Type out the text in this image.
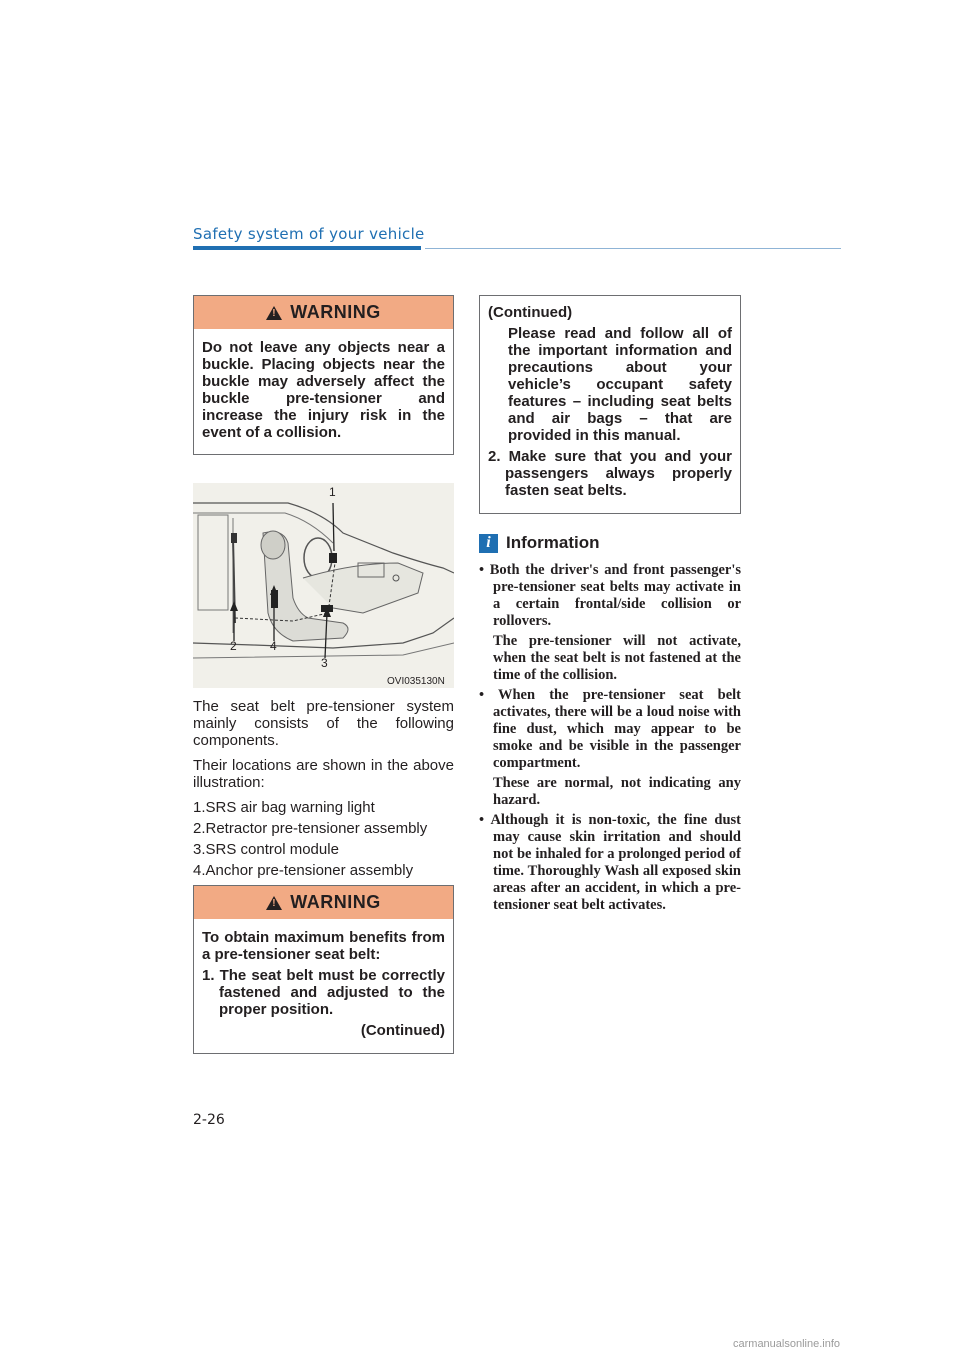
Safety system of your vehicle
!
WARNING
Do not leave any objects near a buckle. Placing objects near the buckle may adversely affect the buckle pre-tensioner and increase the injury risk in the event of a collision.
1
2	4
3
OVI035130N

The seat belt pre-tensioner system mainly consists of the following components.

Their locations are shown in the above illustration:

1.SRS air bag warning light

2.Retractor pre-tensioner assembly

3.SRS control module

4.Anchor pre-tensioner assembly

!
WARNING
To obtain maximum benefits from a pre-tensioner seat belt:
1. The seat belt must be correctly fastened and adjusted to the proper position.
(Continued)
(Continued)
Please read and follow all of the important information and precautions about your vehicle’s occupant safety features – including seat belts and air bags – that are provided in this manual.
2. Make sure that you and your passengers always properly fasten seat belts.
i Information
• Both the driver's and front passenger's pre-tensioner seat belts may activate in a certain frontal/side collision or rollovers.
The pre-tensioner will not activate, when the seat belt is not fastened at the time of the collision.
• When the pre-tensioner seat belt activates, there will be a loud noise with fine dust, which may appear to be smoke and be visible in the passenger compartment.
These are normal, not indicating any hazard.
• Although it is non-toxic, the fine dust may cause skin irritation and should not be inhaled for a prolonged period of time. Thoroughly Wash all exposed skin areas after an accident, in which a pre-tensioner seat belt activates.
2-26
carmanualsonline.info
